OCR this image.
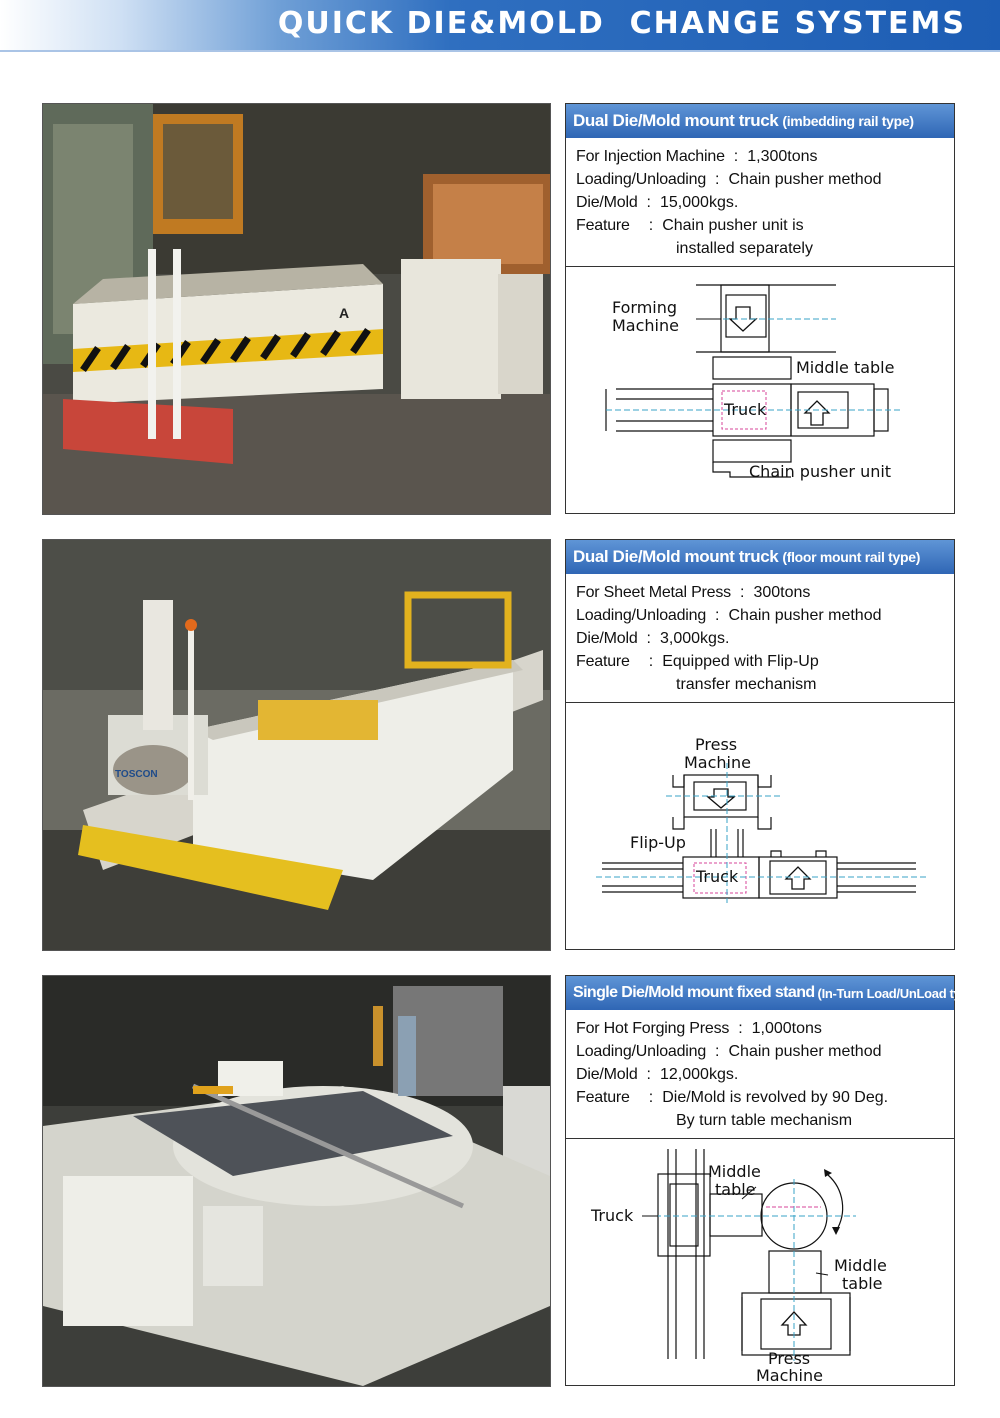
QUICK DIE&MOLD  CHANGE SYSTEMS
A
Dual Die/Mold mount truck (imbedding rail type)
For Injection Machine : 1,300tons
Loading/Unloading : Chain pusher method
Die/Mold : 15,000kgs.
Feature : Chain pusher unit is
installed separately
Forming
Machine
Middle table
Truck
Chain pusher unit
TOSCON
Dual Die/Mold mount truck (floor mount rail type)
For Sheet Metal Press : 300tons
Loading/Unloading : Chain pusher method
Die/Mold : 3,000kgs.
Feature : Equipped with Flip-Up
transfer mechanism
Press
Machine
Flip-Up
Truck
Single Die/Mold mount fixed stand (In-Turn Load/UnLoad type)
For Hot Forging Press : 1,000tons
Loading/Unloading : Chain pusher method
Die/Mold : 12,000kgs.
Feature : Die/Mold is revolved by 90 Deg.
By turn table mechanism
Truck
Middle
table
Middle
table
Press
Machine
